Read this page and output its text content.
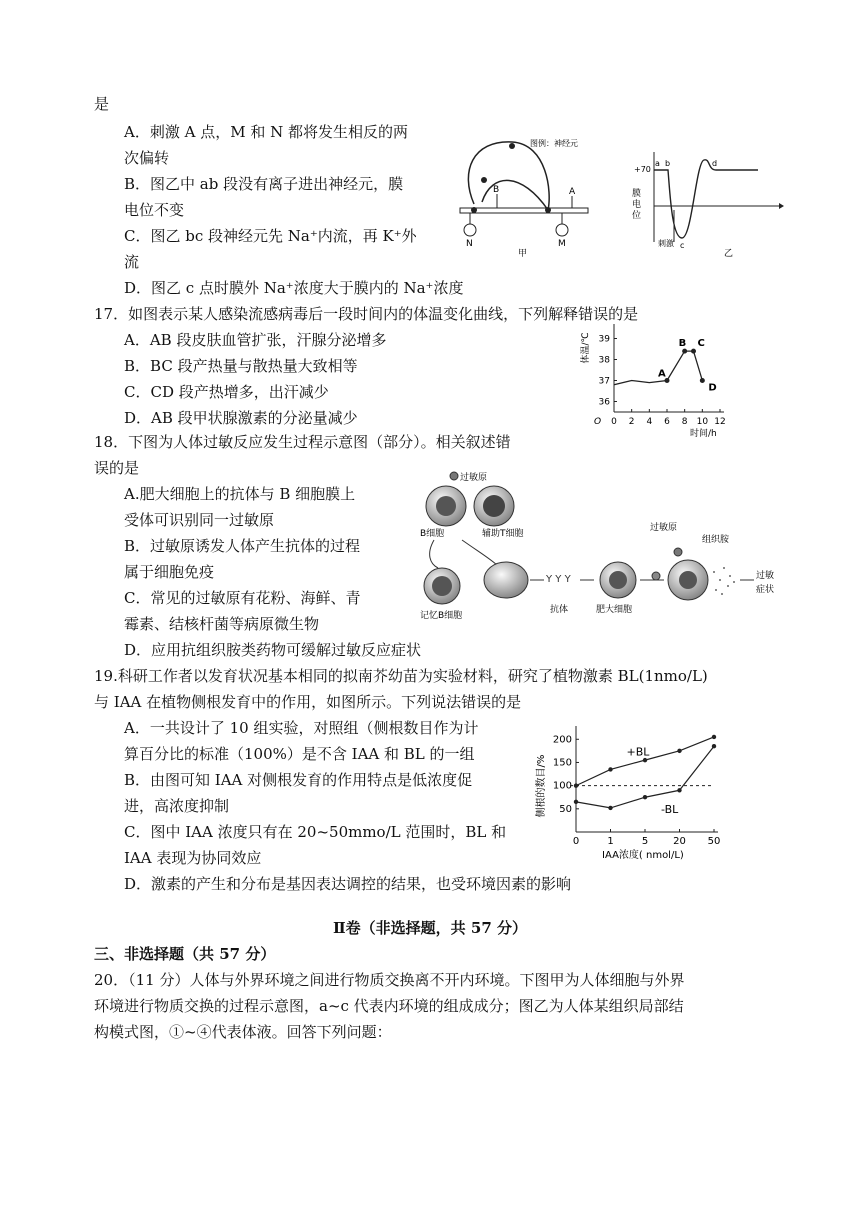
是
A．刺激 A 点，M 和 N 都将发生相反的两
次偏转
B．图乙中 ab 段没有离子进出神经元，膜
电位不变
C．图乙 bc 段神经元先 Na⁺内流，再 K⁺外
流
D．图乙 c 点时膜外 Na⁺浓度大于膜内的 Na⁺浓度
B	A
N	M
图例：神经元
甲
+70
a b	d
c
膜
电
位
刺激
乙
17．如图表示某人感染流感病毒后一段时间内的体温变化曲线，下列解释错误的是
A．AB 段皮肤血管扩张，汗腺分泌增多
B．BC 段产热量与散热量大致相等
C．CD 段产热增多，出汗减少
D．AB 段甲状腺激素的分泌量减少	0 2 4 6 8 10 12
36
37
38
39
A
B C
D
O
时间/h
体温/℃
18．下图为人体过敏反应发生过程示意图（部分）。相关叙述错
误的是
A.肥大细胞上的抗体与 B 细胞膜上
受体可识别同一过敏原
B．过敏原诱发人体产生抗体的过程
属于细胞免疫
C．常见的过敏原有花粉、海鲜、青
霉素、结核杆菌等病原微生物
D．应用抗组织胺类药物可缓解过敏反应症状
过敏原
B细胞	辅助T细胞
记忆B细胞
Y Y Y
抗体	肥大细胞
过敏原
组织胺
过敏
症状
19.科研工作者以发育状况基本相同的拟南芥幼苗为实验材料，研究了植物激素 BL(1nmo/L)
与 IAA 在植物侧根发育中的作用，如图所示。下列说法错误的是
A．一共设计了 10 组实验，对照组（侧根数目作为计
算百分比的标准（100%）是不含 IAA 和 BL 的一组
B．由图可知 IAA 对侧根发育的作用特点是低浓度促
进，高浓度抑制
C．图中 IAA 浓度只有在 20~50mmo/L 范围时，BL 和
IAA 表现为协同效应
D．激素的产生和分布是基因表达调控的结果，也受环境因素的影响
0	1	5 20 50
50
100
150
200
+BL
-BL
IAA浓度( nmol/L)
侧根的数目/%
Ⅱ卷（非选择题，共 57 分）
三、非选择题（共 57 分）
20．（11 分）人体与外界环境之间进行物质交换离不开内环境。下图甲为人体细胞与外界
环境进行物质交换的过程示意图，a~c 代表内环境的组成成分；图乙为人体某组织局部结
构模式图，①~④代表体液。回答下列问题：
